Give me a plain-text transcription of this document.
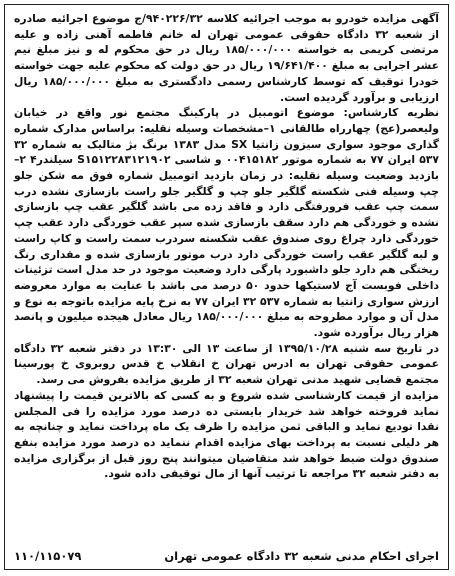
آگهی مزایده خودرو به موجب اجرائیه کلاسه ۹۴۰۲۲۶/۳۲/ج موضوع اجرائیه صادره از شعبه ۳۲ دادگاه حقوقی عمومی تهران له خانم فاطمه آهنی زاده و علیه مرتضی کریمی به خواسته ۱۸۵/۰۰۰/۰۰۰ ریال در حق محکوم له و نیز مبلغ نیم عشر اجرایی به مبلغ ۱۹/۶۴۱/۴۰۰ ریال در حق دولت که محکوم علیه جهت خواسته خودرا توقیف که توسط کارشناس رسمی دادگستری به مبلغ ۱۸۵/۰۰۰/۰۰۰ ریال ارزیابی و برآورد گردیده است.

نظریه کارشناس: موضوع اتومبیل در پارکینگ مجتمع نور واقع در خیابان ولیعصر(عج) چهارراه طالقانی ۱–مشخصات وسیله نقلیه: براساس مدارک شماره گذاری موجود سواری سیزون زانتیا SX مدل ۱۳۸۳ برنگ بژ متالیک به شماره ۳۲ ۵۳۷ ایران ۷۷ به شماره موتور ۰۰۴۱۵۱۸۲ و شاسی S۱۵۱۲۲۸۳۱۲۱۹۰۲ سیلندر۴ ۲–بازدید وضعیت وسیله نقلیه: در زمان بازدید اتومبیل شماره فوق مه شکن جلو چپ وسیله فنی شکسته گلگیر جلو چپ و گلگیر جلو راست بازسازی نشده درب سمت چپ عقب فرورفتگی دارد و فاقد زده می باشد گلگیر عقب چپ بازسازی نشده و خوردگی هم دارد سقف بازسازی شده سپر عقب خوردگی دارد عقب چپ خوردگی دارد چراغ روی صندوق عقب شکسته سردرب سمت راست و کاپ راست و لبه گلگیر عقب راست خوردگی دارد درب موتور بازسازی شده و مقداری رنگ ریختگی هم دارد جلو داشبورد پارگی دارد وضعیت موجود در حد مدل است تزئینات داخلی فوبست آج لاستیکها حدود ۵۰ درصد می باشد با عنایت به موارد معروضه ارزش سواری زانتیا به شماره ۵۳۷ ۳۲ ایران ۷۷ به نرخ پایه مزایده باتوجه به نوع و مدل آن و موارد مطروحه به مبلغ ۱۸۵/۰۰۰/۰۰۰ ریال معادل هیجده میلیون و پانصد هزار ریال برآورده شود.

در تاریخ سه شنبه ۱۳۹۵/۱۰/۲۸ از ساعت ۱۳ الی ۱۳:۳۰ در دفتر شعبه ۳۲ دادگاه عمومی حقوقی تهران به ادرس تهران خ انقلاب خ قدس روبروی خ پورسینا مجتمع قضایی شهید مدنی تهران شعبه ۳۲ از طریق مزایده بفروش می رسد.

مزایده از قیمت کارشناسی شده شروع و به کسی که بالاترین قیمت را پیشنهاد نماید فروخته خواهد شد خریدار بایستی ده درصد مورد مزایده را فی المجلس نقدا تودیع نماید و الباقی ثمن مزایده را ظرف یک ماه پرداخت نماید و چنانچه به هر دلیلی نسبت به پرداخت بهای مزایده اقدام ننماید ده درصد مورد مزایده بنفع صندوق دولت ضبط خواهد شد متقاضیان میتوانند پنج روز قبل از برگزاری مزایده به دفتر شعبه ۳۲ مراجعه تا ترتیب آنها از مال توقیفی داده شود.

اجرای احکام مدنی شعبه ۳۲ دادگاه عمومی تهران
۱۱۰/۱۱۵۰۷۹
